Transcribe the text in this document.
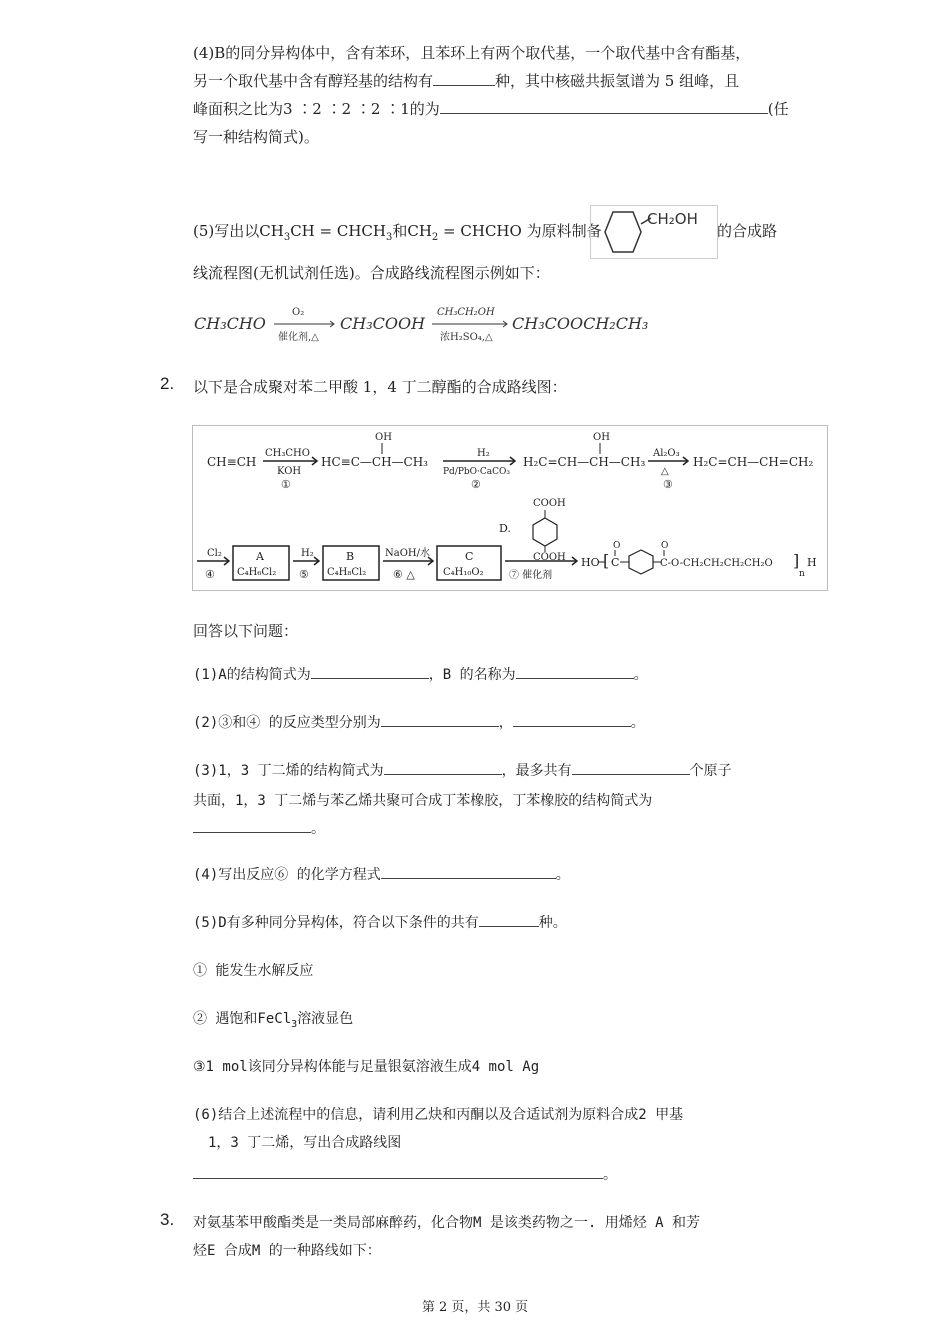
(4)B的同分异构体中，含有苯环，且苯环上有两个取代基，一个取代基中含有酯基，
另一个取代基中含有醇羟基的结构有	种，其中核磁共振氢谱为 5 组峰，且
峰面积之比为3 ∶2 ∶2 ∶2 ∶1的为	(任
写一种结构简式)。
(5)写出以$CH_3CH$ = $CHCH_3$和$CH_2$ = CHCHO 为原料制备
CH₂OH
的合成路
线流程图(无机试剂任选)。合成路线流程图示例如下：
CH₃CHO
O₂
催化剂,△
CH₃COOH
CH₃CH₂OH
浓H₂SO₄,△
CH₃COOCH₂CH₃
2. 以下是合成聚对苯二甲酸 1，4 丁二醇酯的合成路线图：
CH≡CH
CH₃CHO
KOH
①
OH
HC≡C—CH—CH₃
H₂
Pd/PbO·CaCO₃
②
OH
H₂C=CH—CH—CH₃
Al₂O₃
△
③
H₂C=CH—CH=CH₂
Cl₂
④
A
C₄H₆Cl₂
H₂
⑤
B
C₄H₈Cl₂
NaOH/水
⑥ △
C
C₄H₁₀O₂
D.
COOH
COOH
⑦ 催化剂
HO [
O
C
O
C-O-CH₂CH₂CH₂CH₂O ]
n
H
回答以下问题：
(1)A的结构简式为	，B 的名称为	。
(2)③和④ 的反应类型分别为	，	。
(3)1，3 丁二烯的结构简式为	，最多共有	个原子
共面，1，3 丁二烯与苯乙烯共聚可合成丁苯橡胶，丁苯橡胶的结构简式为
。
(4)写出反应⑥ 的化学方程式	。
(5)D有多种同分异构体，符合以下条件的共有	种。
① 能发生水解反应
② 遇饱和FeCl$_3$溶液显色
③1 mol该同分异构体能与足量银氨溶液生成4 mol Ag
(6)结合上述流程中的信息，请利用乙炔和丙酮以及合适试剂为原料合成2 甲基
1，3 丁二烯，写出合成路线图
。
3. 对氨基苯甲酸酯类是一类局部麻醉药，化合物M 是该类药物之一. 用烯烃 A 和芳
烃E 合成M 的一种路线如下：
第 2 页，共 30 页
